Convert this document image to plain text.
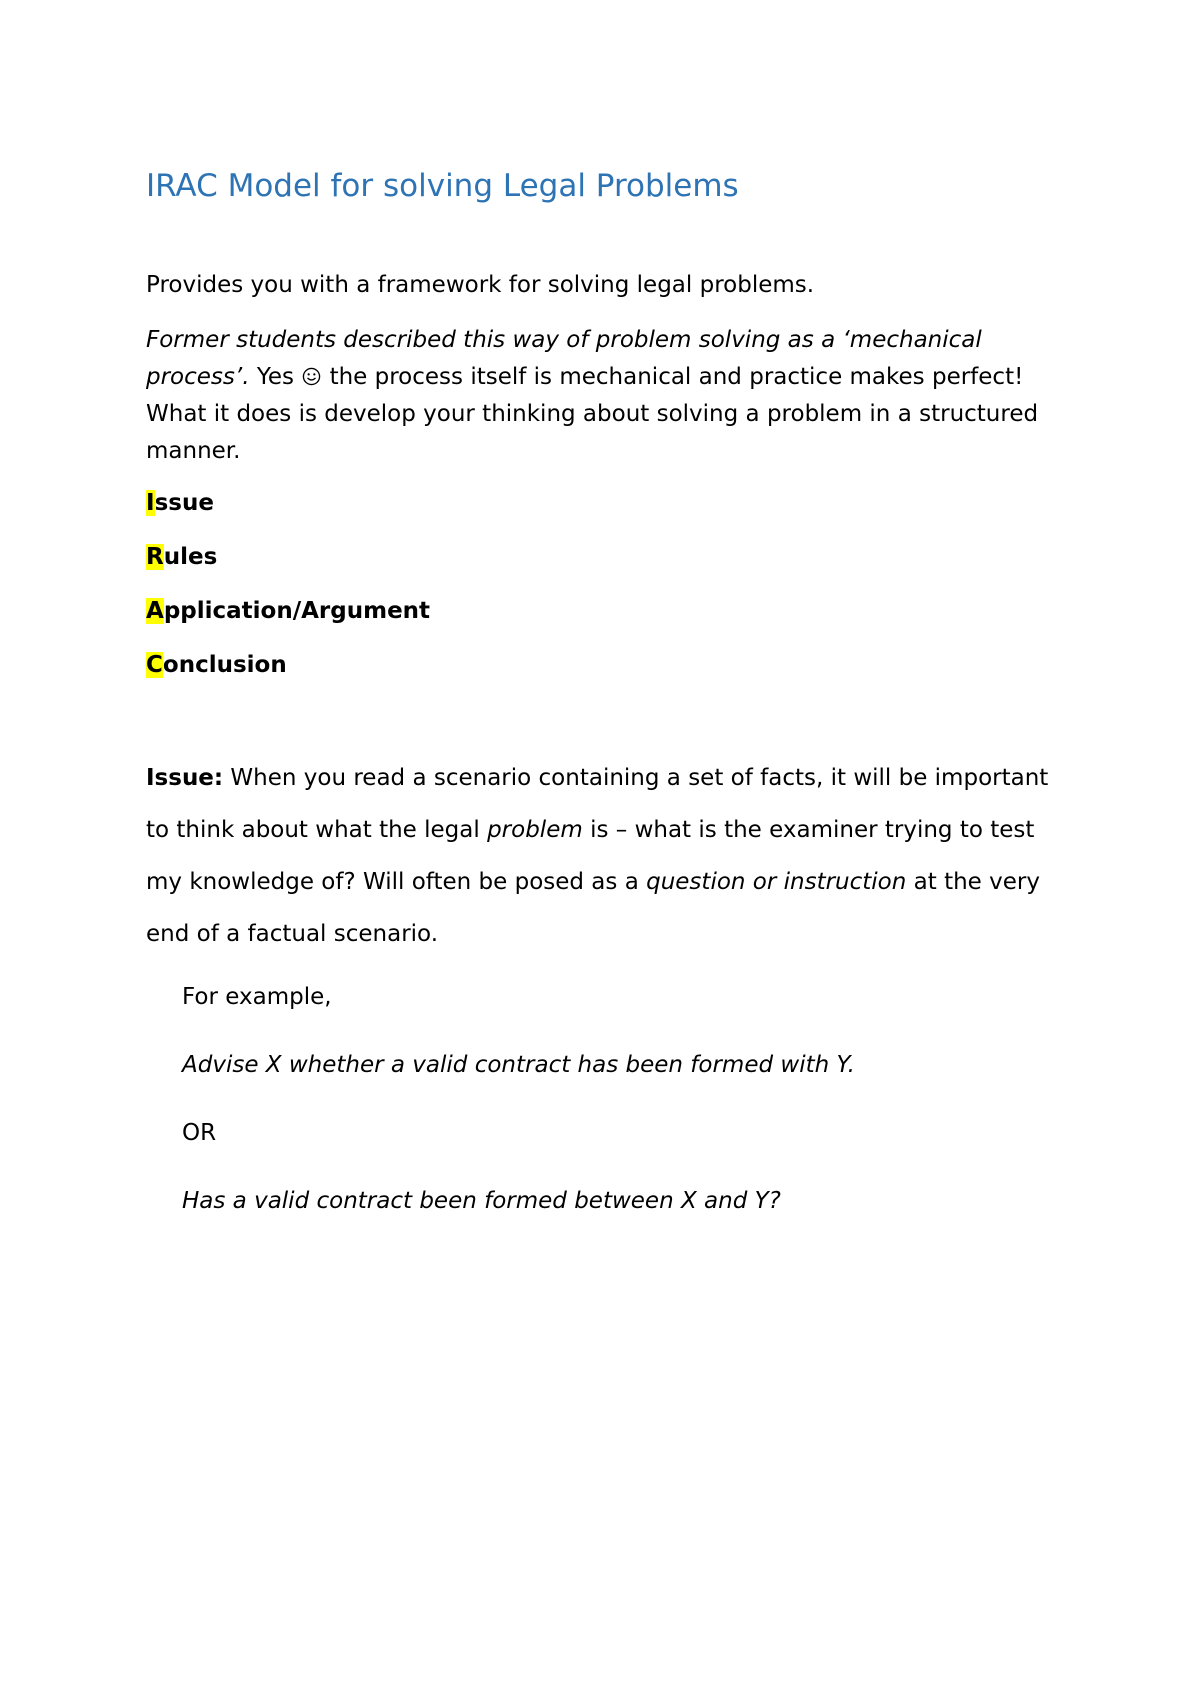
IRAC Model for solving Legal Problems

Provides you with a framework for solving legal problems.

Former students described this way of problem solving as a ‘mechanical
process’. Yes  the process itself is mechanical and practice makes perfect!
What it does is develop your thinking about solving a problem in a structured
manner.
Issue
Rules
Application/Argument
Conclusion
Issue: When you read a scenario containing a set of facts, it will be important
to think about what the legal problem is – what is the examiner trying to test
my knowledge of? Will often be posed as a question or instruction at the very
end of a factual scenario.

For example,

Advise X whether a valid contract has been formed with Y.

OR

Has a valid contract been formed between X and Y?
